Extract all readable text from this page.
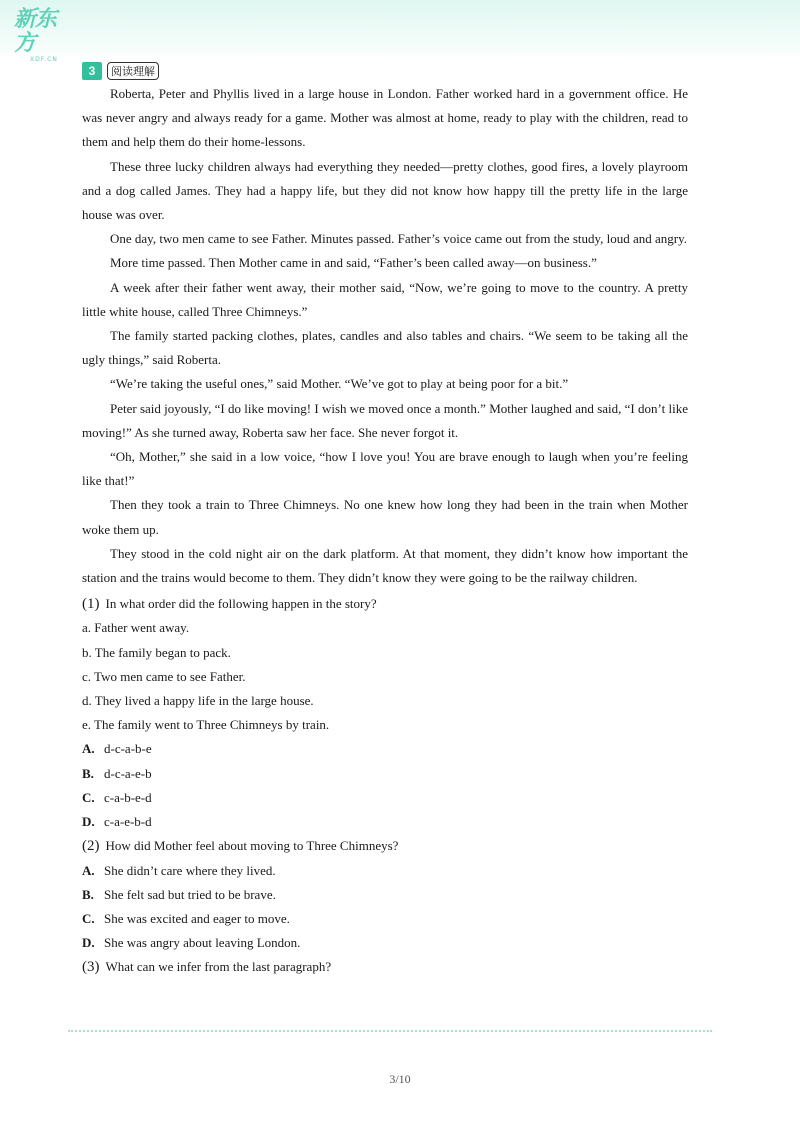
新东方
XDF.CN
3	阅读理解

Roberta, Peter and Phyllis lived in a large house in London. Father worked hard in a government office. He was never angry and always ready for a game. Mother was almost at home, ready to play with the children, read to them and help them do their home-lessons.

These three lucky children always had everything they needed—pretty clothes, good fires, a lovely playroom and a dog called James. They had a happy life, but they did not know how happy till the pretty life in the large house was over.

One day, two men came to see Father. Minutes passed. Father’s voice came out from the study, loud and angry.

More time passed. Then Mother came in and said, “Father’s been called away—on business.”

A week after their father went away, their mother said, “Now, we’re going to move to the country. A pretty little white house, called Three Chimneys.”

The family started packing clothes, plates, candles and also tables and chairs. “We seem to be taking all the ugly things,” said Roberta.

“We’re taking the useful ones,” said Mother. “We’ve got to play at being poor for a bit.”

Peter said joyously, “I do like moving! I wish we moved once a month.” Mother laughed and said, “I don’t like moving!” As she turned away, Roberta saw her face. She never forgot it.

“Oh, Mother,” she said in a low voice, “how I love you! You are brave enough to laugh when you’re feeling like that!”

Then they took a train to Three Chimneys. No one knew how long they had been in the train when Mother woke them up.

They stood in the cold night air on the dark platform. At that moment, they didn’t know how important the station and the trains would become to them. They didn’t know they were going to be the railway children.

(1) In what order did the following happen in the story?

a. Father went away.

b. The family began to pack.

c. Two men came to see Father.

d. They lived a happy life in the large house.

e. The family went to Three Chimneys by train.

A. d-c-a-b-e

B. d-c-a-e-b

C. c-a-b-e-d

D. c-a-e-b-d

(2) How did Mother feel about moving to Three Chimneys?

A. She didn’t care where they lived.

B. She felt sad but tried to be brave.

C. She was excited and eager to move.

D. She was angry about leaving London.

(3) What can we infer from the last paragraph?

3/10
